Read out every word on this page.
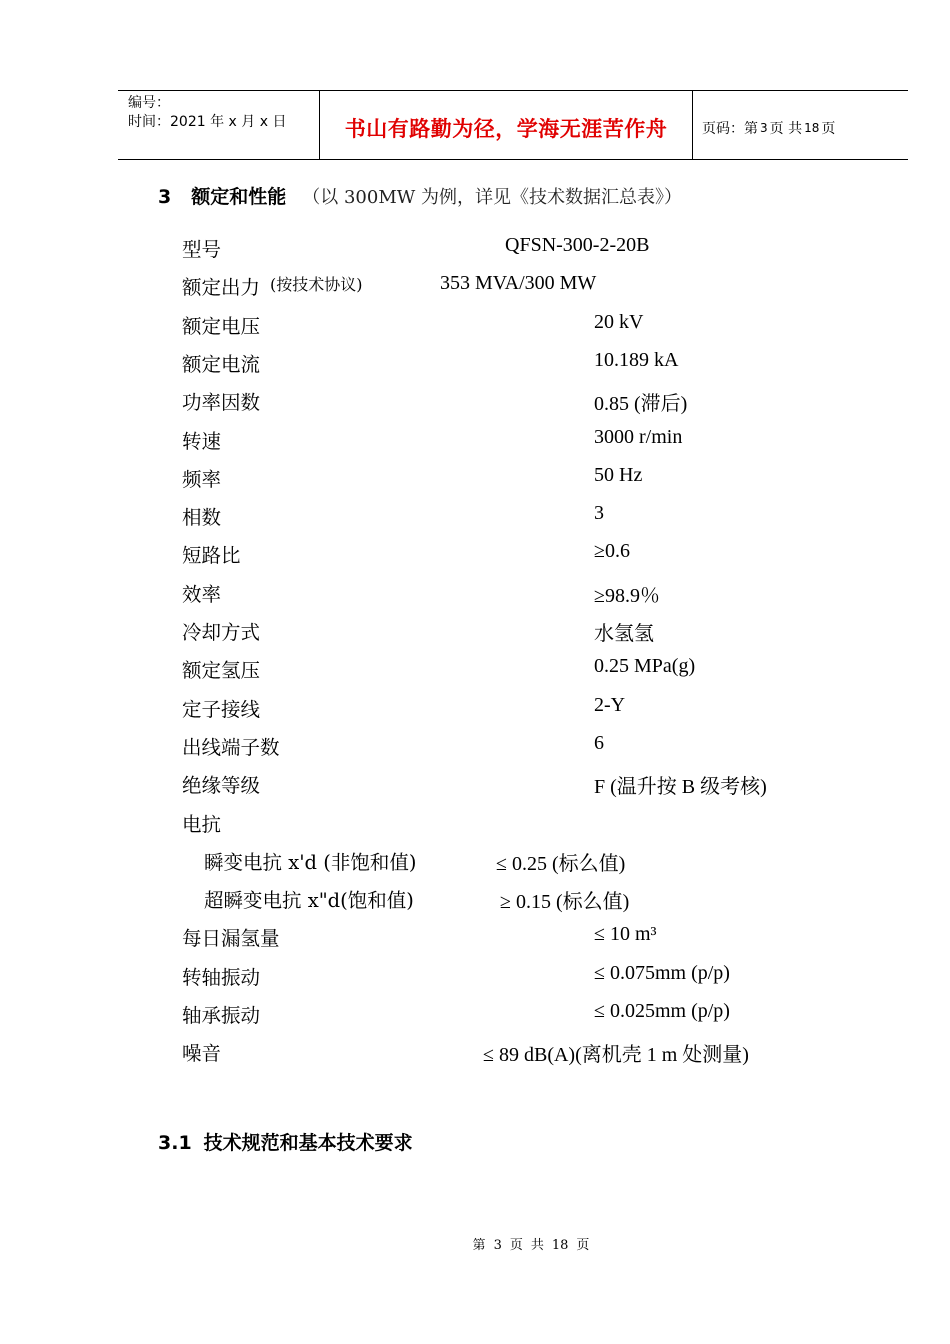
编号：
时间：2021 年 x 月 x 日	书山有路勤为径，学海无涯苦作舟 页码：第 3 页 共 18 页
3 额定和性能 （以 300MW 为例，详见《技术数据汇总表》）
型号	QFSN-300-2-20B
额定出力 (按技术协议)	353 MVA/300 MW
额定电压	20 kV
额定电流	10.189 kA
功率因数	0.85 (滞后)
转速	3000 r/min
频率	50 Hz
相数	3
短路比	≥0.6
效率	≥98.9％
冷却方式	水氢氢
额定氢压	0.25 MPa(g)
定子接线	2-Y
出线端子数	6
绝缘等级	F (温升按 B 级考核)
电抗
瞬变电抗 x'd (非饱和值)	≤ 0.25 (标么值)
超瞬变电抗 x"d(饱和值)	≥ 0.15 (标么值)
每日漏氢量	≤ 10 m³
转轴振动	≤ 0.075mm (p/p)
轴承振动	≤ 0.025mm (p/p)
噪音	≤ 89 dB(A)(离机壳 1 m 处测量)
3.1 技术规范和基本技术要求
第 3 页 共 18 页
